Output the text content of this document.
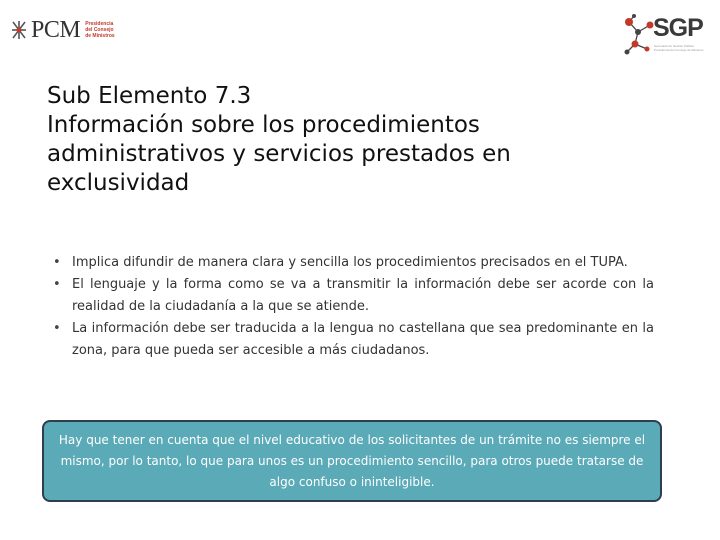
PCM Presidencia
del Consejo
de Ministros	SGP
Secretaría de Gestión Pública
Presidencia del Consejo de Ministros
Sub Elemento 7.3
Información sobre los procedimientos
administrativos y servicios prestados en
exclusividad
• Implica difundir de manera clara y sencilla los procedimientos precisados en el TUPA.
• El lenguaje y la forma como se va a transmitir la información debe ser acorde con la realidad de la ciudadanía a la que se atiende.
• La información debe ser traducida a la lengua no castellana que sea predominante en la zona, para que pueda ser accesible a más ciudadanos.

Hay que tener en cuenta que el nivel educativo de los solicitantes de un trámite no es siempre el mismo, por lo tanto, lo que para unos es un procedimiento sencillo, para otros puede tratarse de algo confuso o ininteligible.
